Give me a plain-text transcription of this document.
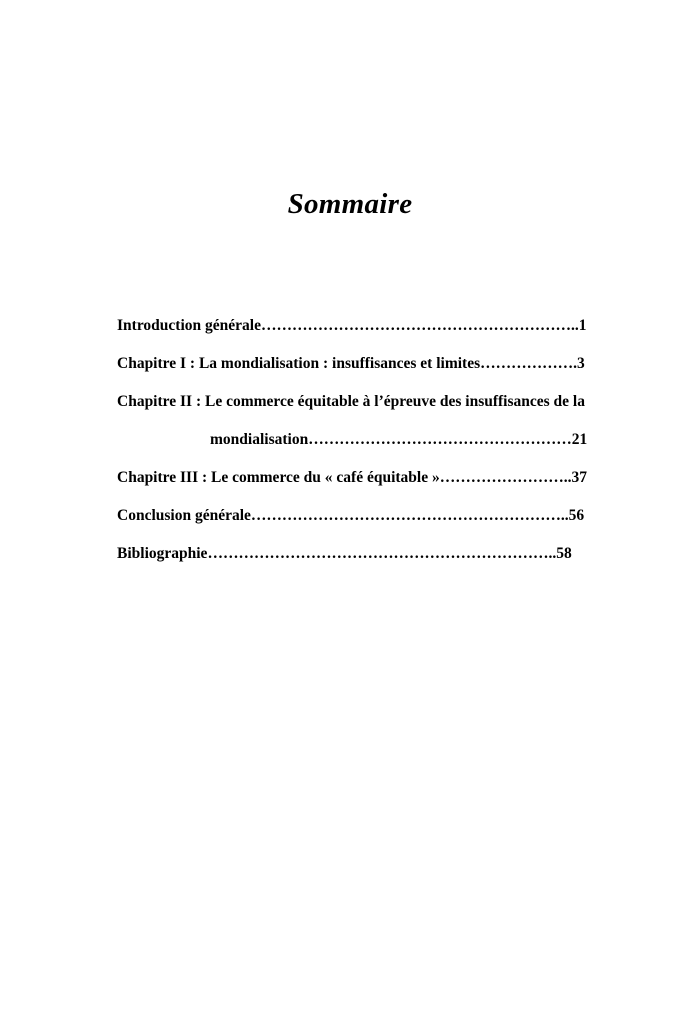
Sommaire
Introduction générale……………………………………………………..1
Chapitre I : La mondialisation : insuffisances et limites……………….3
Chapitre II : Le commerce équitable à l’épreuve des insuffisances de la
mondialisation……………………………………………21
Chapitre III : Le commerce du « café équitable »……………………..37
Conclusion générale……………………………………………………..56
Bibliographie…………………………………………………………..58
